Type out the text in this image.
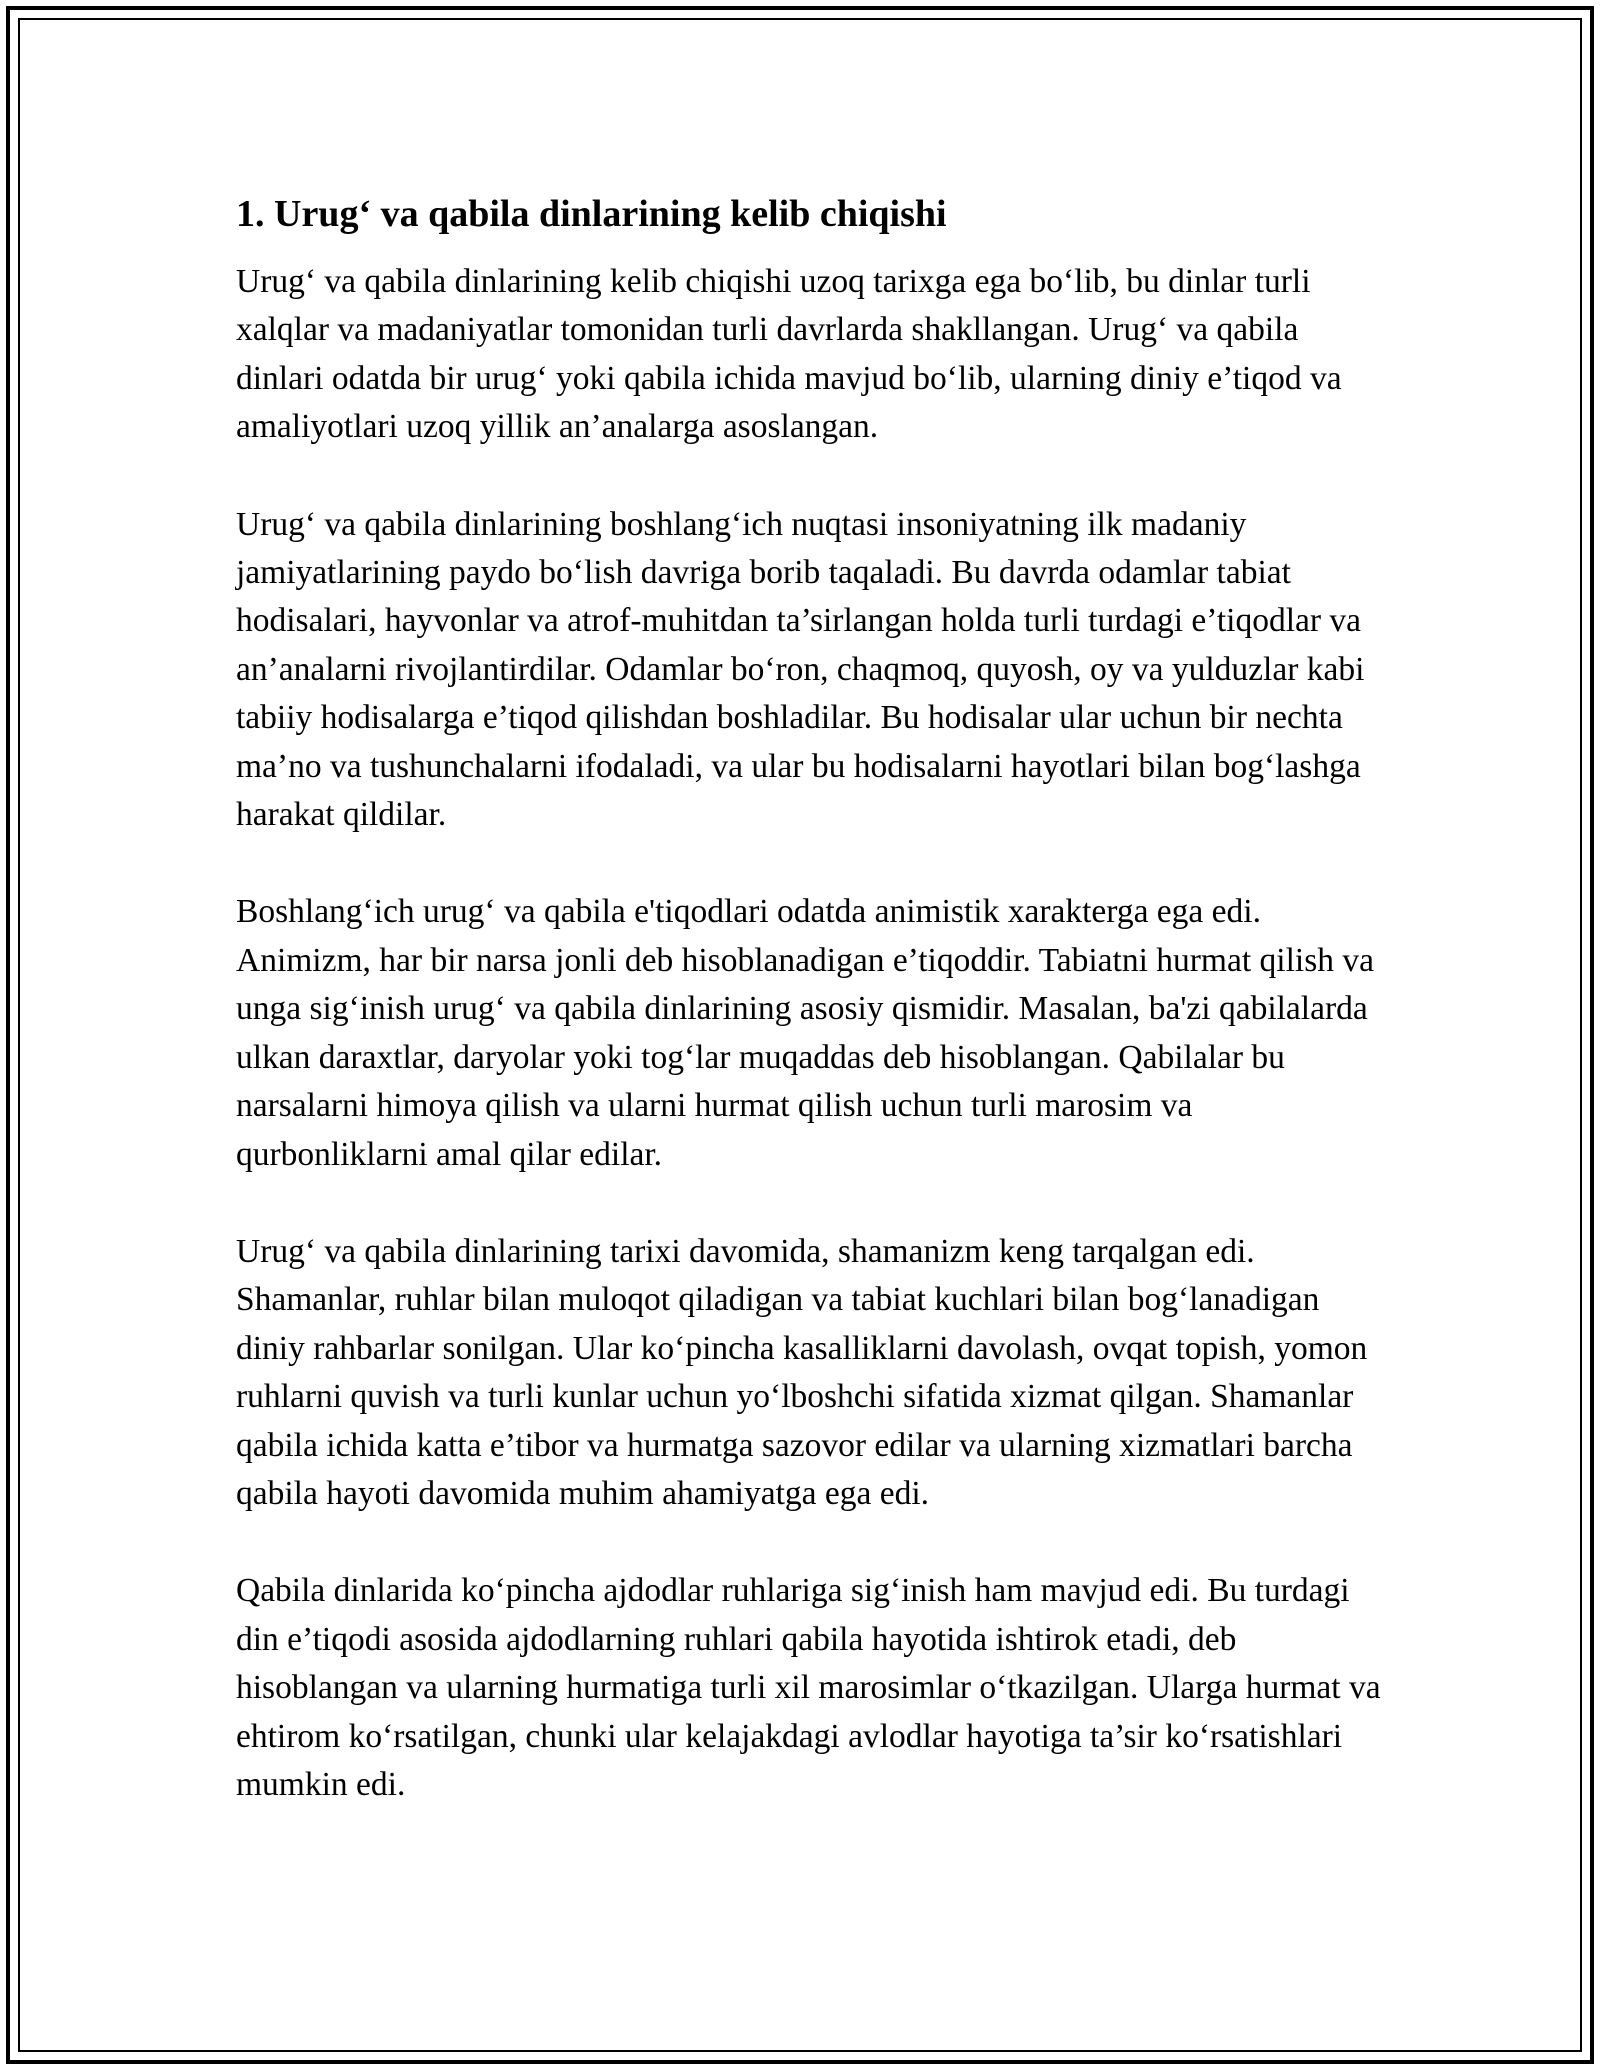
1. Urug‘ va qabila dinlarining kelib chiqishi

Urug‘ va qabila dinlarining kelib chiqishi uzoq tarixga ega bo‘lib, bu dinlar turli xalqlar va madaniyatlar tomonidan turli davrlarda shakllangan. Urug‘ va qabila dinlari odatda bir urug‘ yoki qabila ichida mavjud bo‘lib, ularning diniy e’tiqod va amaliyotlari uzoq yillik an’analarga asoslangan.

Urug‘ va qabila dinlarining boshlang‘ich nuqtasi insoniyatning ilk madaniy jamiyatlarining paydo bo‘lish davriga borib taqaladi. Bu davrda odamlar tabiat hodisalari, hayvonlar va atrof-muhitdan ta’sirlangan holda turli turdagi e’tiqodlar va an’analarni rivojlantirdilar. Odamlar bo‘ron, chaqmoq, quyosh, oy va yulduzlar kabi tabiiy hodisalarga e’tiqod qilishdan boshladilar. Bu hodisalar ular uchun bir nechta ma’no va tushunchalarni ifodaladi, va ular bu hodisalarni hayotlari bilan bog‘lashga harakat qildilar.

Boshlang‘ich urug‘ va qabila e'tiqodlari odatda animistik xarakterga ega edi. Animizm, har bir narsa jonli deb hisoblanadigan e’tiqoddir. Tabiatni hurmat qilish va unga sig‘inish urug‘ va qabila dinlarining asosiy qismidir. Masalan, ba'zi qabilalarda ulkan daraxtlar, daryolar yoki tog‘lar muqaddas deb hisoblangan. Qabilalar bu narsalarni himoya qilish va ularni hurmat qilish uchun turli marosim va qurbonliklarni amal qilar edilar.

Urug‘ va qabila dinlarining tarixi davomida, shamanizm keng tarqalgan edi. Shamanlar, ruhlar bilan muloqot qiladigan va tabiat kuchlari bilan bog‘lanadigan diniy rahbarlar sonilgan. Ular ko‘pincha kasalliklarni davolash, ovqat topish, yomon ruhlarni quvish va turli kunlar uchun yo‘lboshchi sifatida xizmat qilgan. Shamanlar qabila ichida katta e’tibor va hurmatga sazovor edilar va ularning xizmatlari barcha qabila hayoti davomida muhim ahamiyatga ega edi.

Qabila dinlarida ko‘pincha ajdodlar ruhlariga sig‘inish ham mavjud edi. Bu turdagi din e’tiqodi asosida ajdodlarning ruhlari qabila hayotida ishtirok etadi, deb hisoblangan va ularning hurmatiga turli xil marosimlar o‘tkazilgan. Ularga hurmat va ehtirom ko‘rsatilgan, chunki ular kelajakdagi avlodlar hayotiga ta’sir ko‘rsatishlari mumkin edi.
